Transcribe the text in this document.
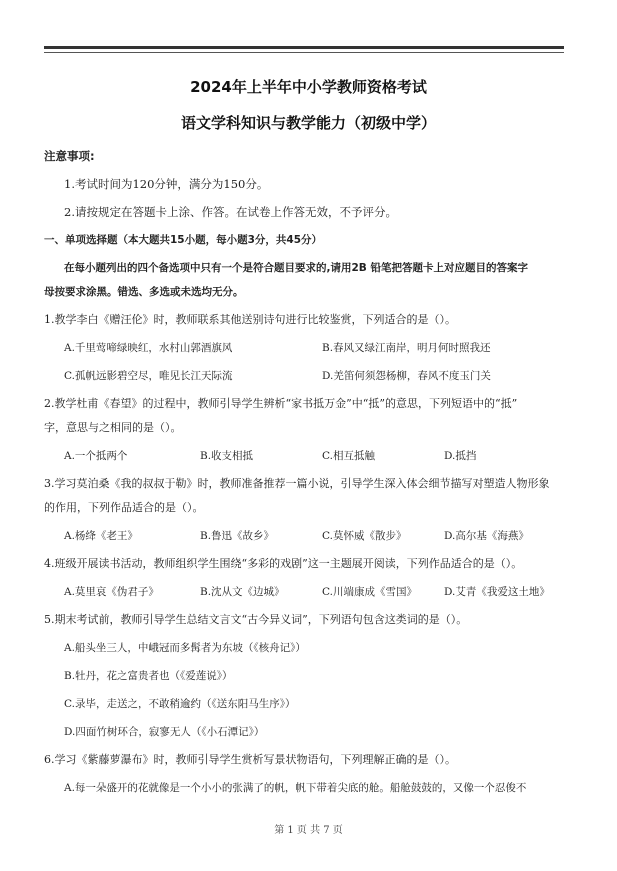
2024年上半年中小学教师资格考试
语文学科知识与教学能力（初级中学）
注意事项:
1.考试时间为120分钟，满分为150分。
2.请按规定在答题卡上涂、作答。在试卷上作答无效，不予评分。
一、单项选择题（本大题共15小题，每小题3分，共45分）
在每小题列出的四个备选项中只有一个是符合题目要求的,请用2B 铅笔把答题卡上对应题目的答案字
母按要求涂黑。错选、多选或未选均无分。
1.教学李白《赠汪伦》时，教师联系其他送别诗句进行比较鉴赏，下列适合的是（）。
A.千里莺啼绿映红，水村山郭酒旗风	B.春风又绿江南岸，明月何时照我还
C.孤帆远影碧空尽，唯见长江天际流	D.羌笛何须怨杨柳，春风不度玉门关
2.教学杜甫《春望》的过程中，教师引导学生辨析“家书抵万金”中“抵”的意思，下列短语中的“抵”
字，意思与之相同的是（）。
A.一个抵两个	B.收支相抵	C.相互抵触	D.抵挡
3.学习莫泊桑《我的叔叔于勒》时，教师准备推荐一篇小说，引导学生深入体会细节描写对塑造人物形象
的作用，下列作品适合的是（）。
A.杨绛《老王》	B.鲁迅《故乡》	C.莫怀威《散步》	D.高尔基《海燕》
4.班级开展读书活动，教师组织学生围绕“多彩的戏剧”这一主题展开阅读，下列作品适合的是（）。
A.莫里哀《伪君子》	B.沈从文《边城》	C.川端康成《雪国》	D.艾青《我爱这土地》
5.期末考试前，教师引导学生总结文言文“古今异义词”，下列语句包含这类词的是（）。
A.船头坐三人，中峨冠而多髯者为东坡（《核舟记》）
B.牡丹，花之富贵者也（《爱莲说》）
C.录毕，走送之，不敢稍逾约（《送东阳马生序》）
D.四面竹树环合，寂寥无人（《小石潭记》）
6.学习《紫藤萝瀑布》时，教师引导学生赏析写景状物语句，下列理解正确的是（）。
A.每一朵盛开的花就像是一个小小的张满了的帆，帆下带着尖底的舱。船舱鼓鼓的，又像一个忍俊不
第 1 页 共 7 页
